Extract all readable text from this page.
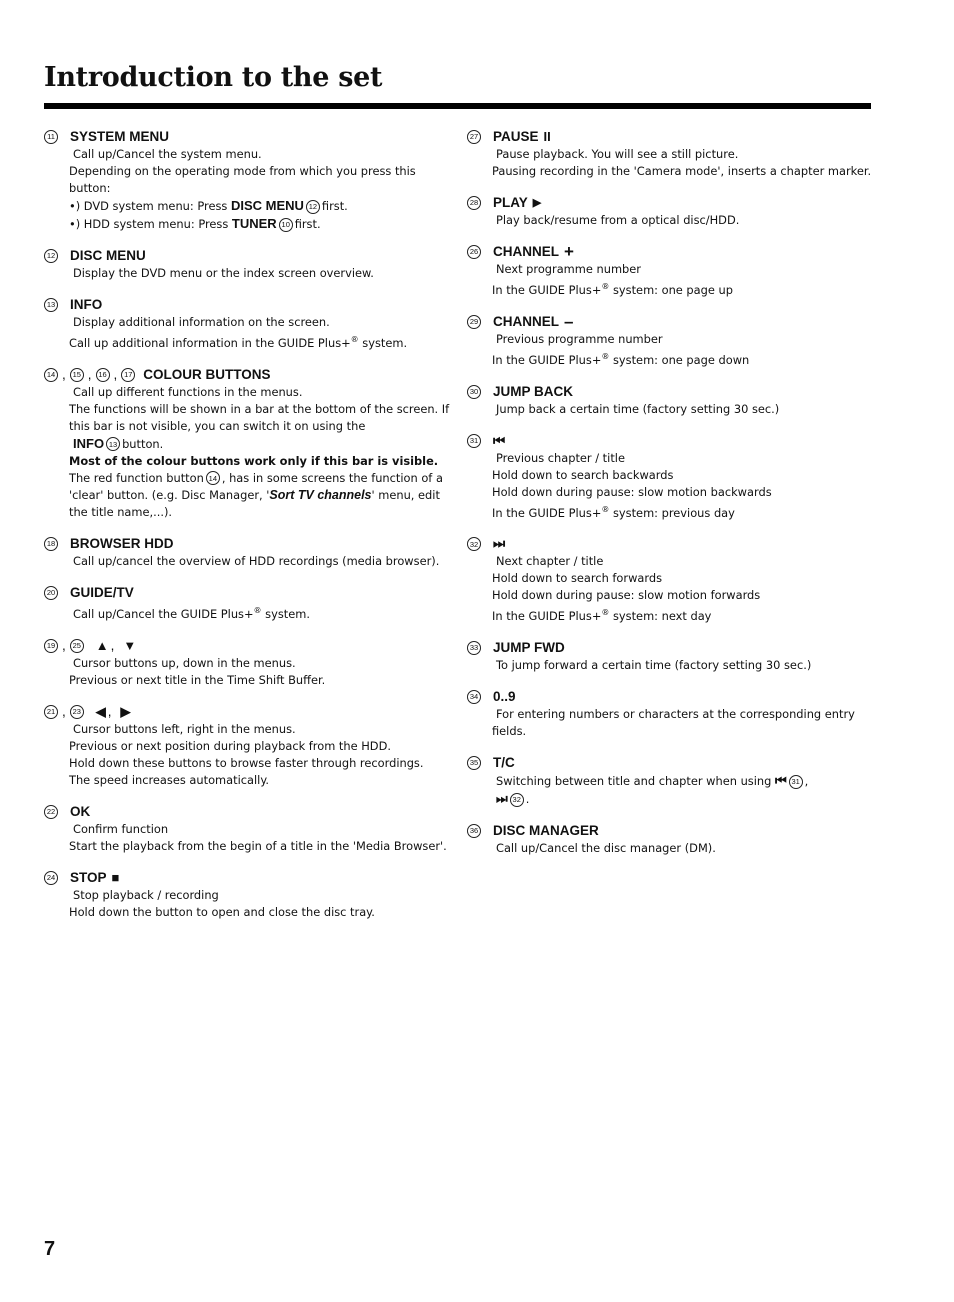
Introduction to the set
11 SYSTEM MENU
Call up/Cancel the system menu.
Depending on the operating mode from which you press this
button:
•) DVD system menu: Press DISC MENU 12 first.
•) HDD system menu: Press TUNER 10 first.
12 DISC MENU
Display the DVD menu or the index screen overview.
13 INFO
Display additional information on the screen.
Call up additional information in the GUIDE Plus+® system.
14 , 15 , 16 , 17 COLOUR BUTTONS
Call up different functions in the menus.
The functions will be shown in a bar at the bottom of the screen. If
this bar is not visible, you can switch it on using the
INFO 13 button.
Most of the colour buttons work only if this bar is visible.
The red function button 14 , has in some screens the function of a
'clear' button. (e.g. Disc Manager, 'Sort TV channels' menu, edit
the title name,...).
18 BROWSER HDD
Call up/cancel the overview of HDD recordings (media browser).
20 GUIDE/TV
Call up/Cancel the GUIDE Plus+® system.
19 , 25 ▲ , ▼
Cursor buttons up, down in the menus.
Previous or next title in the Time Shift Buffer.
21 , 23 ◀ , ▶
Cursor buttons left, right in the menus.
Previous or next position during playback from the HDD.
Hold down these buttons to browse faster through recordings.
The speed increases automatically.
22 OK
Confirm function
Start the playback from the begin of a title in the 'Media Browser'.
24 STOP ■
Stop playback / recording
Hold down the button to open and close the disc tray.
27 PAUSE II
Pause playback. You will see a still picture.
Pausing recording in the 'Camera mode', inserts a chapter marker.
28 PLAY ▶
Play back/resume from a optical disc/HDD.
26 CHANNEL +
Next programme number
In the GUIDE Plus+® system: one page up
29 CHANNEL –
Previous programme number
In the GUIDE Plus+® system: one page down
30 JUMP BACK
Jump back a certain time (factory setting 30 sec.)
31 ⏮
Previous chapter / title
Hold down to search backwards
Hold down during pause: slow motion backwards
In the GUIDE Plus+® system: previous day
32 ⏭
Next chapter / title
Hold down to search forwards
Hold down during pause: slow motion forwards
In the GUIDE Plus+® system: next day
33 JUMP FWD
To jump forward a certain time (factory setting 30 sec.)
34 0..9
For entering numbers or characters at the corresponding entry
fields.
35 T/C
Switching between title and chapter when using ⏮ 31 ,
⏭ 32 .
36 DISC MANAGER
Call up/Cancel the disc manager (DM).
7
